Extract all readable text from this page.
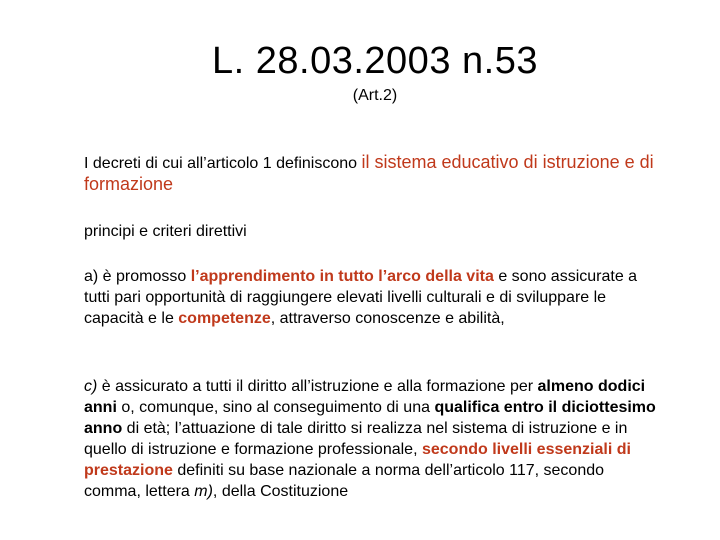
L. 28.03.2003 n.53
(Art.2)

I decreti di cui all’articolo 1 definiscono il sistema educativo di istruzione e di formazione

principi e criteri direttivi

a) è promosso l’apprendimento in tutto l’arco della vita e sono assicurate a tutti pari opportunità di raggiungere elevati livelli culturali e di sviluppare le capacità e le competenze, attraverso conoscenze e abilità,

c) è assicurato a tutti il diritto all’istruzione e alla formazione per almeno dodici anni o, comunque, sino al conseguimento di una qualifica entro il diciottesimo anno di età; l’attuazione di tale diritto si realizza nel sistema di istruzione e in quello di istruzione e formazione professionale, secondo livelli essenziali di prestazione definiti su base nazionale a norma dell’articolo 117, secondo comma, lettera m), della Costituzione
